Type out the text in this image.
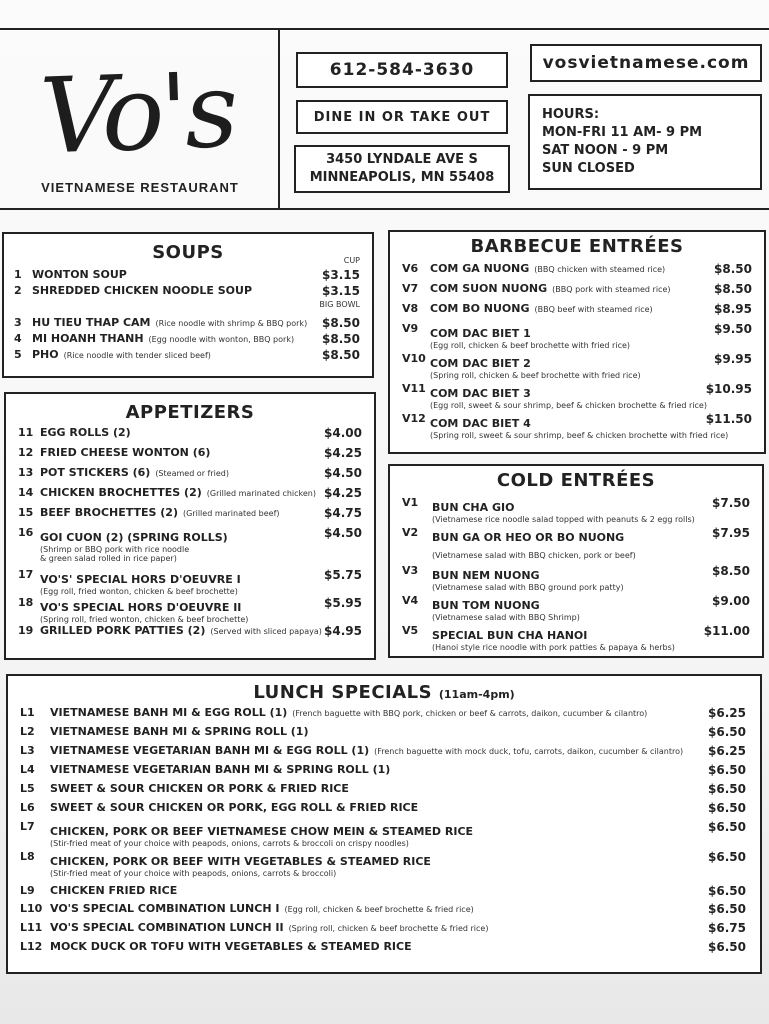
Vo's
VIETNAMESE RESTAURANT
612-584-3630	vosvietnamese.com
DINE IN OR TAKE OUT
3450 LYNDALE AVE S
MINNEAPOLIS, MN 55408
HOURS:
MON-FRI 11 AM- 9 PM
SAT NOON - 9 PM
SUN CLOSED
SOUPS	CUP
1 WONTON SOUP	$3.15
2 SHREDDED CHICKEN NOODLE SOUP	$3.15
BIG BOWL
3 HU TIEU THAP CAM (Rice noodle with shrimp & BBQ pork) $8.50
4 MI HOANH THANH (Egg noodle with wonton, BBQ pork) $8.50
5 PHO (Rice noodle with tender sliced beef)	$8.50
APPETIZERS
11 EGG ROLLS (2)	$4.00
12 FRIED CHEESE WONTON (6)	$4.25
13 POT STICKERS (6) (Steamed or fried)	$4.50
14 CHICKEN BROCHETTES (2) (Grilled marinated chicken) $4.25
15 BEEF BROCHETTES (2) (Grilled marinated beef)	$4.75
16 GOI CUON (2) (SPRING ROLLS)
(Shrimp or BBQ pork with rice noodle
& green salad rolled in rice paper)
$4.50
17 VO'S' SPECIAL HORS D'OEUVRE I
(Egg roll, fried wonton, chicken & beef brochette)
$5.75
18 VO'S SPECIAL HORS D'OEUVRE II
(Spring roll, fried wonton, chicken & beef brochette)
$5.95
19 GRILLED PORK PATTIES (2) (Served with sliced papaya) $4.95
BARBECUE ENTRÉES
V6	COM GA NUONG (BBQ chicken with steamed rice)	$8.50
V7	COM SUON NUONG (BBQ pork with steamed rice)	$8.50
V8	COM BO NUONG (BBQ beef with steamed rice)	$8.95
V9	COM DAC BIET 1
(Egg roll, chicken & beef brochette with fried rice)
$9.50
V10 COM DAC BIET 2
(Spring roll, chicken & beef brochette with fried rice)
$9.95
V11 COM DAC BIET 3
(Egg roll, sweet & sour shrimp, beef & chicken brochette & fried rice)
$10.95
V12 COM DAC BIET 4
(Spring roll, sweet & sour shrimp, beef & chicken brochette with fried rice)
$11.50
COLD ENTRÉES
V1	BUN CHA GIO
(Vietnamese rice noodle salad topped with peanuts & 2 egg rolls)
$7.50
V2	BUN GA OR HEO OR BO NUONG
(Vietnamese salad with BBQ chicken, pork or beef)
$7.95
V3	BUN NEM NUONG
(Vietnamese salad with BBQ ground pork patty)
$8.50
V4	BUN TOM NUONG
(Vietnamese salad with BBQ Shrimp)
$9.00
V5	SPECIAL BUN CHA HANOI
(Hanoi style rice noodle with pork patties & papaya & herbs)
$11.00
LUNCH SPECIALS (11am-4pm)
L1	VIETNAMESE BANH MI & EGG ROLL (1) (French baguette with BBQ pork, chicken or beef & carrots, daikon, cucumber & cilantro)	$6.25
L2	VIETNAMESE BANH MI & SPRING ROLL (1)	$6.50
L3	VIETNAMESE VEGETARIAN BANH MI & EGG ROLL (1) (French baguette with mock duck, tofu, carrots, daikon, cucumber & cilantro) $6.25
L4	VIETNAMESE VEGETARIAN BANH MI & SPRING ROLL (1)	$6.50
L5	SWEET & SOUR CHICKEN OR PORK & FRIED RICE	$6.50
L6	SWEET & SOUR CHICKEN OR PORK, EGG ROLL & FRIED RICE	$6.50
L7	CHICKEN, PORK OR BEEF VIETNAMESE CHOW MEIN & STEAMED RICE
(Stir-fried meat of your choice with peapods, onions, carrots & broccoli on crispy noodles)
$6.50
L8	CHICKEN, PORK OR BEEF WITH VEGETABLES & STEAMED RICE
(Stir-fried meat of your choice with peapods, onions, carrots & broccoli)
$6.50
L9	CHICKEN FRIED RICE	$6.50
L10 VO'S SPECIAL COMBINATION LUNCH I (Egg roll, chicken & beef brochette & fried rice)	$6.50
L11 VO'S SPECIAL COMBINATION LUNCH II (Spring roll, chicken & beef brochette & fried rice)	$6.75
L12 MOCK DUCK OR TOFU WITH VEGETABLES & STEAMED RICE	$6.50
